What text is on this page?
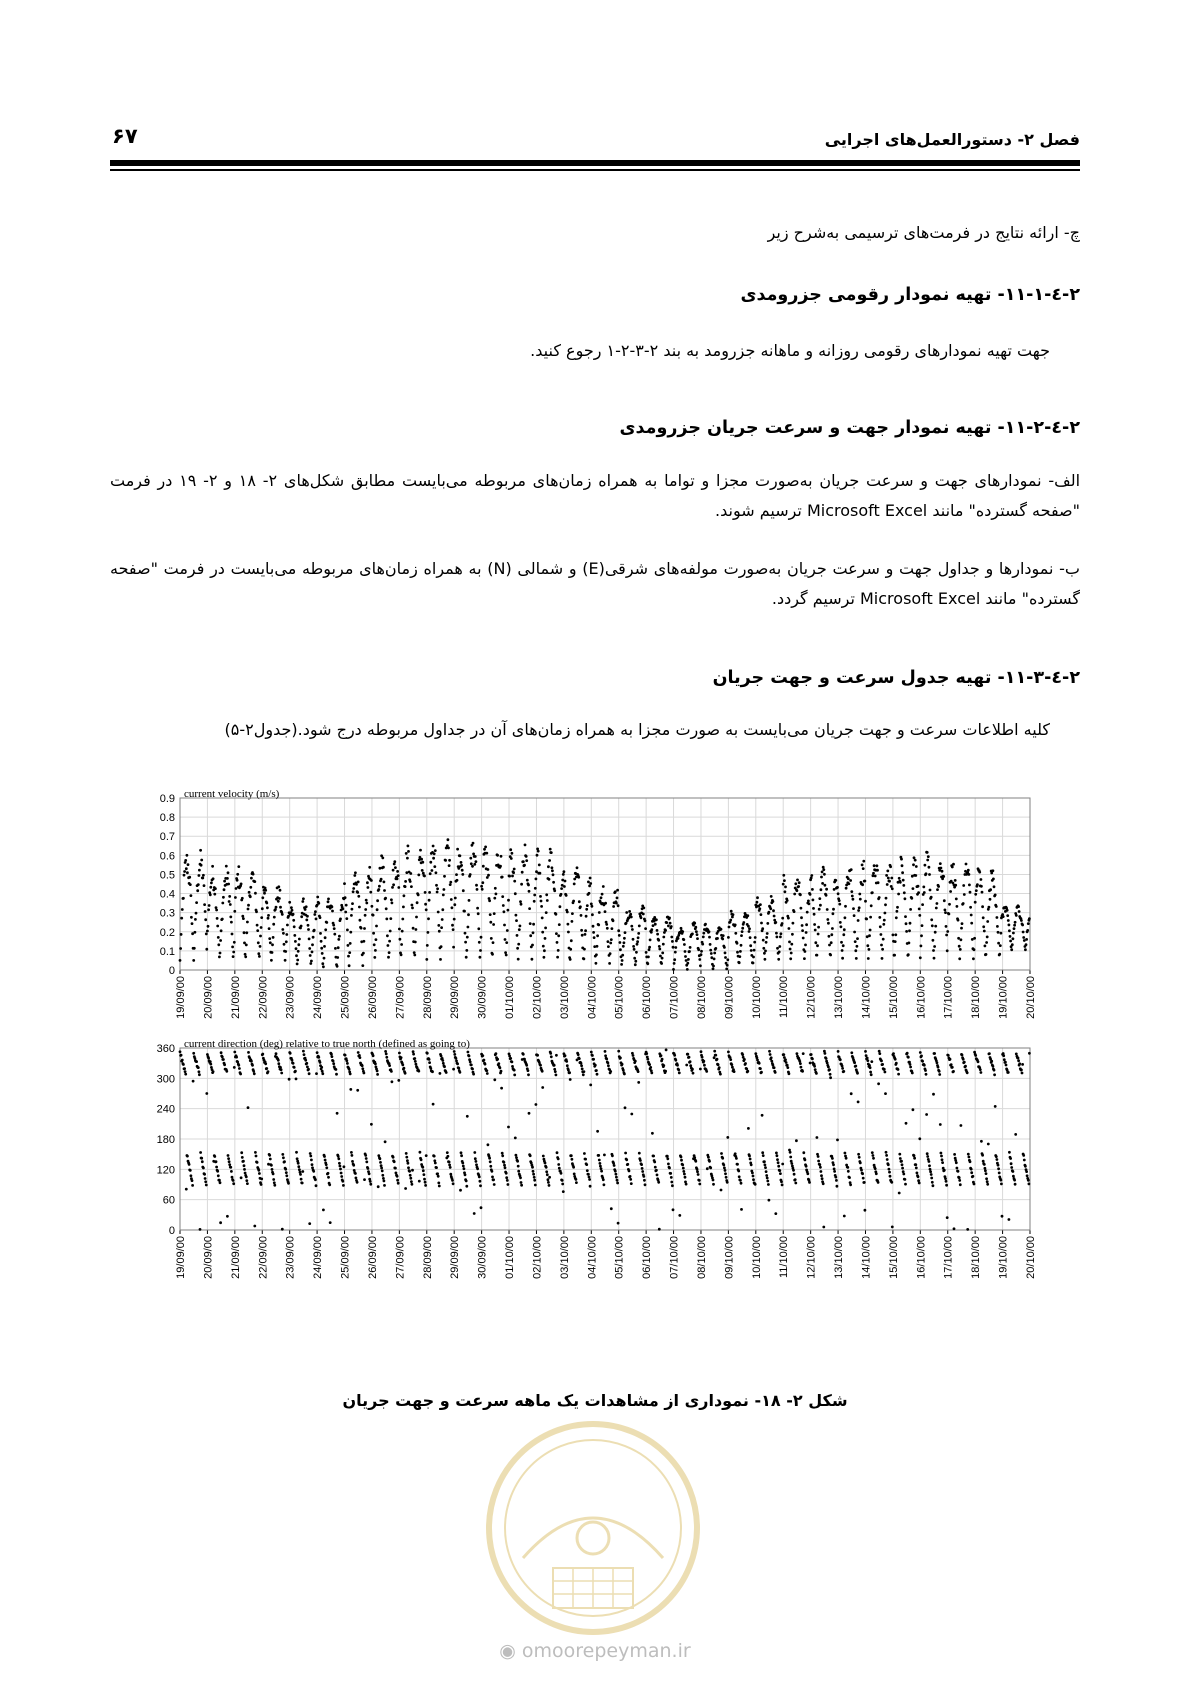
۶۷	فصل ۲- دستورالعمل‌های اجرایی
چ- ارائه نتایج در فرمت‌های ترسیمی به‌شرح زیر
۲-٤-۱۱-۱- تهیه نمودار رقومی جزرومدی
جهت تهیه نمودارهای رقومی روزانه و ماهانه جزرومد به بند ۲-۳-۲-۱ رجوع کنید.
۲-٤-۱۱-۲- تهیه نمودار جهت و سرعت جریان جزرومدی
الف- نمودارهای جهت و سرعت جریان به‌صورت مجزا و تواما به همراه زمان‌های مربوطه می‌بایست مطابق شکل‌های ۲- ۱۸ و ۲- ۱۹ در فرمت "صفحه گسترده" مانند Microsoft Excel ترسیم شوند.
ب- نمودارها و جداول جهت و سرعت جریان به‌صورت مولفه‌های شرقی(E) و شمالی (N) به همراه زمان‌های مربوطه می‌بایست در فرمت "صفحه گسترده" مانند Microsoft Excel ترسیم گردد.
۲-٤-۱۱-۳- تهیه جدول سرعت و جهت جریان
کلیه اطلاعات سرعت و جهت جریان می‌بایست به صورت مجزا به همراه زمان‌های آن در جداول مربوطه درج شود.(جدول۲-۵)
0
0.1
0.2
0.3
0.4
0.5
0.6
0.7
0.8
0.9
19/09/00 20/09/00 21/09/00 22/09/00 23/09/00 24/09/00 25/09/00 26/09/00 27/09/00 28/09/00 29/09/00 30/09/00 01/10/00 02/10/00 03/10/00 04/10/00 05/10/00 06/10/00 07/10/00 08/10/00 09/10/00 10/10/00 11/10/00 12/10/00 13/10/00 14/10/00 15/10/00 16/10/00 17/10/00 18/10/00 19/10/00 20/10/00
current velocity (m/s)
0
60
120
180
240
300
360
19/09/00 20/09/00 21/09/00 22/09/00 23/09/00 24/09/00 25/09/00 26/09/00 27/09/00 28/09/00 29/09/00 30/09/00 01/10/00 02/10/00 03/10/00 04/10/00 05/10/00 06/10/00 07/10/00 08/10/00 09/10/00 10/10/00 11/10/00 12/10/00 13/10/00 14/10/00 15/10/00 16/10/00 17/10/00 18/10/00 19/10/00 20/10/00
current direction (deg) relative to true north (defined as going to)
شکل ۲- ۱۸- نموداری از مشاهدات یک ماهه سرعت و جهت جریان
◉ omoorepeyman.ir
